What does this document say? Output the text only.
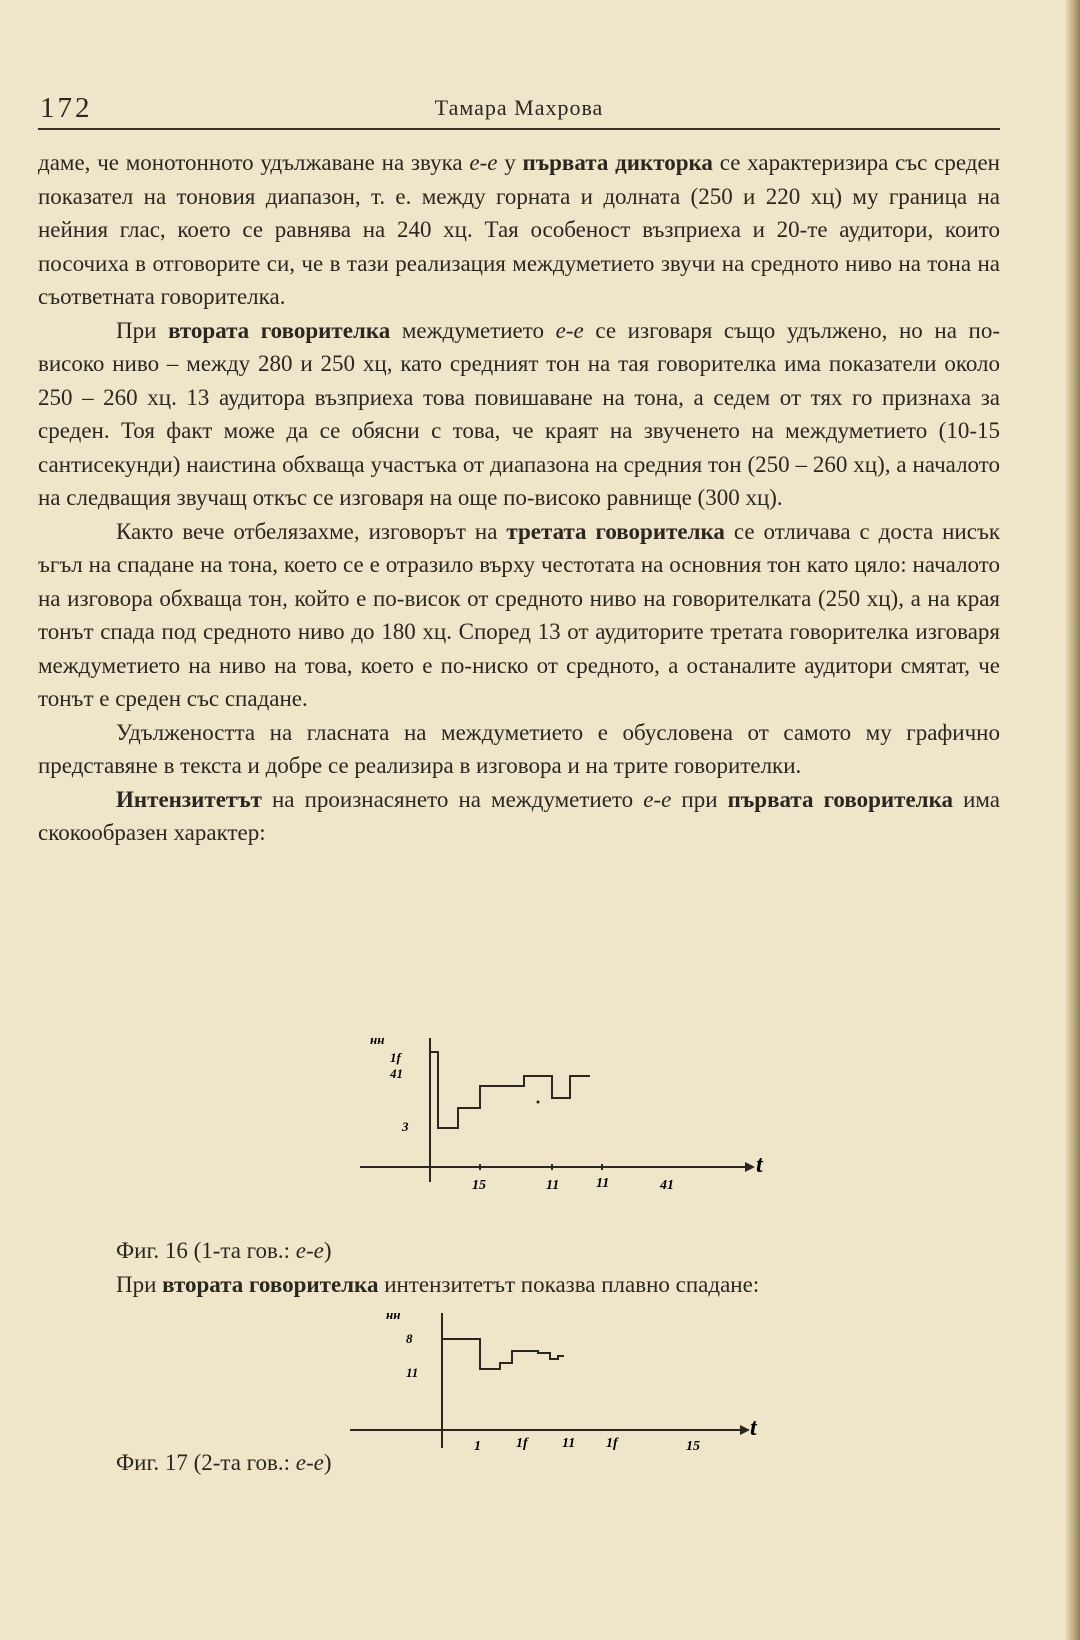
172	Тамара Махрова

даме, че монотонното удължаване на звука е-е у първата дикторка се характеризира със среден показател на тоновия диапазон, т. е. между горната и долната (250 и 220 хц) му граница на нейния глас, което се равнява на 240 хц. Тая особеност възприеха и 20-те аудитори, които посочиха в отговорите си, че в тази реализация междуметието звучи на средното ниво на тона на съответната говорителка.

При втората говорителка междуметието е-е се изговаря също удължено, но на по-високо ниво – между 280 и 250 хц, като средният тон на тая говорителка има показатели около 250 – 260 хц. 13 аудитора възприеха това повишаване на тона, а седем от тях го признаха за среден. Тоя факт може да се обясни с това, че краят на звученето на междуметието (10-15 сантисекунди) наистина обхваща участъка от диапазона на средния тон (250 – 260 хц), а началото на следващия звучащ откъс се изговаря на още по-високо равнище (300 хц).

Както вече отбелязахме, изговорът на третата говорителка се отличава с доста нисък ъгъл на спадане на тона, което се е отразило върху честотата на основния тон като цяло: началото на изговора обхваща тон, който е по-висок от средното ниво на говорителката (250 хц), а на края тонът спада под средното ниво до 180 хц. Според 13 от аудиторите третата говорителка изговаря междуметието на ниво на това, което е по-ниско от средното, а останалите аудитори смятат, че тонът е среден със спадане.

Удължеността на гласната на междуметието е обусловена от самото му графично представяне в текста и добре се реализира в изговора и на трите говорителки.

Интензитетът на произнасянето на междуметието е-е при първата говорителка има скокообразен характер:

нн
1f
41
3
15	11	11	41
t
Фиг. 16 (1-та гов.: е-е)
При втората говорителка интензитетът показва плавно спадане:
нн
8
11
1	1f 11 1f	15
t
Фиг. 17 (2-та гов.: е-е)
